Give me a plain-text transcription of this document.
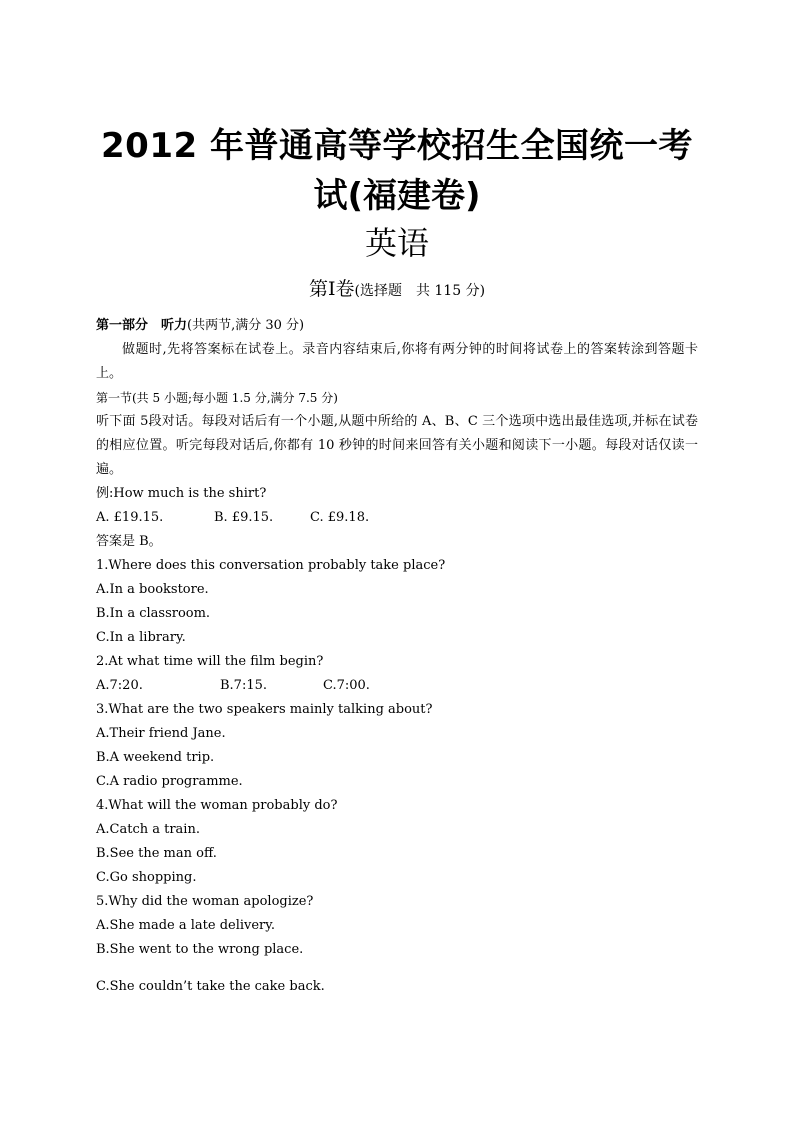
2012 年普通高等学校招生全国统一考
试(福建卷)
英语
第Ⅰ卷(选择题　共 115 分)
第一部分　听力(共两节,满分 30 分)
做题时,先将答案标在试卷上。录音内容结束后,你将有两分钟的时间将试卷上的答案转涂到答题卡上。
第一节(共 5 小题;每小题 1.5 分,满分 7.5 分)
听下面 5段对话。每段对话后有一个小题,从题中所给的 A、B、C 三个选项中选出最佳选项,并标在试卷的相应位置。听完每段对话后,你都有 10 秒钟的时间来回答有关小题和阅读下一小题。每段对话仅读一遍。
例:How much is the shirt?
A. £19.15.	B. £9.15.	C. £9.18.
答案是 B。
1.Where does this conversation probably take place?
A.In a bookstore.
B.In a classroom.
C.In a library.
2.At what time will the film begin?
A.7:20.	B.7:15.	C.7:00.
3.What are the two speakers mainly talking about?
A.Their friend Jane.
B.A weekend trip.
C.A radio programme.
4.What will the woman probably do?
A.Catch a train.
B.See the man off.
C.Go shopping.
5.Why did the woman apologize?
A.She made a late delivery.
B.She went to the wrong place.
C.She couldn’t take the cake back.
